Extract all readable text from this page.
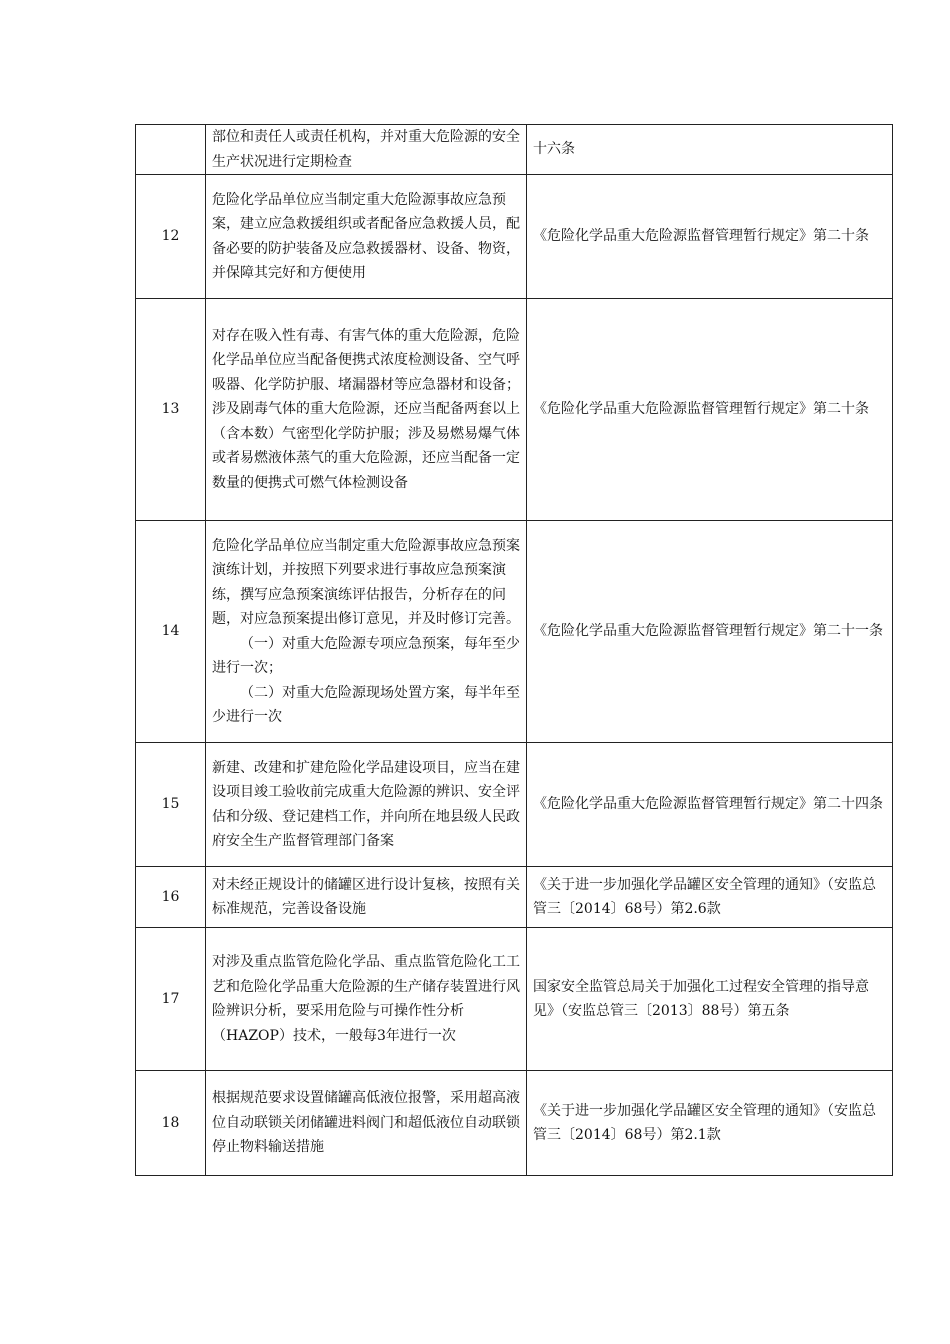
	部位和责任人或责任机构，并对重大危险源的安全生产状况进行定期检查	十六条
12	危险化学品单位应当制定重大危险源事故应急预案，建立应急救援组织或者配备应急救援人员，配备必要的防护装备及应急救援器材、设备、物资，并保障其完好和方便使用	《危险化学品重大危险源监督管理暂行规定》第二十条
13	对存在吸入性有毒、有害气体的重大危险源，危险化学品单位应当配备便携式浓度检测设备、空气呼吸器、化学防护服、堵漏器材等应急器材和设备；涉及剧毒气体的重大危险源，还应当配备两套以上（含本数）气密型化学防护服；涉及易燃易爆气体或者易燃液体蒸气的重大危险源，还应当配备一定数量的便携式可燃气体检测设备	《危险化学品重大危险源监督管理暂行规定》第二十条
14	危险化学品单位应当制定重大危险源事故应急预案演练计划，并按照下列要求进行事故应急预案演练，撰写应急预案演练评估报告，分析存在的问题，对应急预案提出修订意见，并及时修订完善。

（一）对重大危险源专项应急预案，每年至少进行一次；

（二）对重大危险源现场处置方案，每半年至少进行一次	《危险化学品重大危险源监督管理暂行规定》第二十一条
15	新建、改建和扩建危险化学品建设项目，应当在建设项目竣工验收前完成重大危险源的辨识、安全评估和分级、登记建档工作，并向所在地县级人民政府安全生产监督管理部门备案	《危险化学品重大危险源监督管理暂行规定》第二十四条
16	对未经正规设计的储罐区进行设计复核，按照有关标准规范，完善设备设施	《关于进一步加强化学品罐区安全管理的通知》（安监总管三〔2014〕68号）第2.6款
17	对涉及重点监管危险化学品、重点监管危险化工工艺和危险化学品重大危险源的生产储存装置进行风险辨识分析，要采用危险与可操作性分析（HAZOP）技术，一般每3年进行一次	国家安全监管总局关于加强化工过程安全管理的指导意见》（安监总管三〔2013〕88号）第五条
18	根据规范要求设置储罐高低液位报警，采用超高液位自动联锁关闭储罐进料阀门和超低液位自动联锁停止物料输送措施	《关于进一步加强化学品罐区安全管理的通知》（安监总管三〔2014〕68号）第2.1款
